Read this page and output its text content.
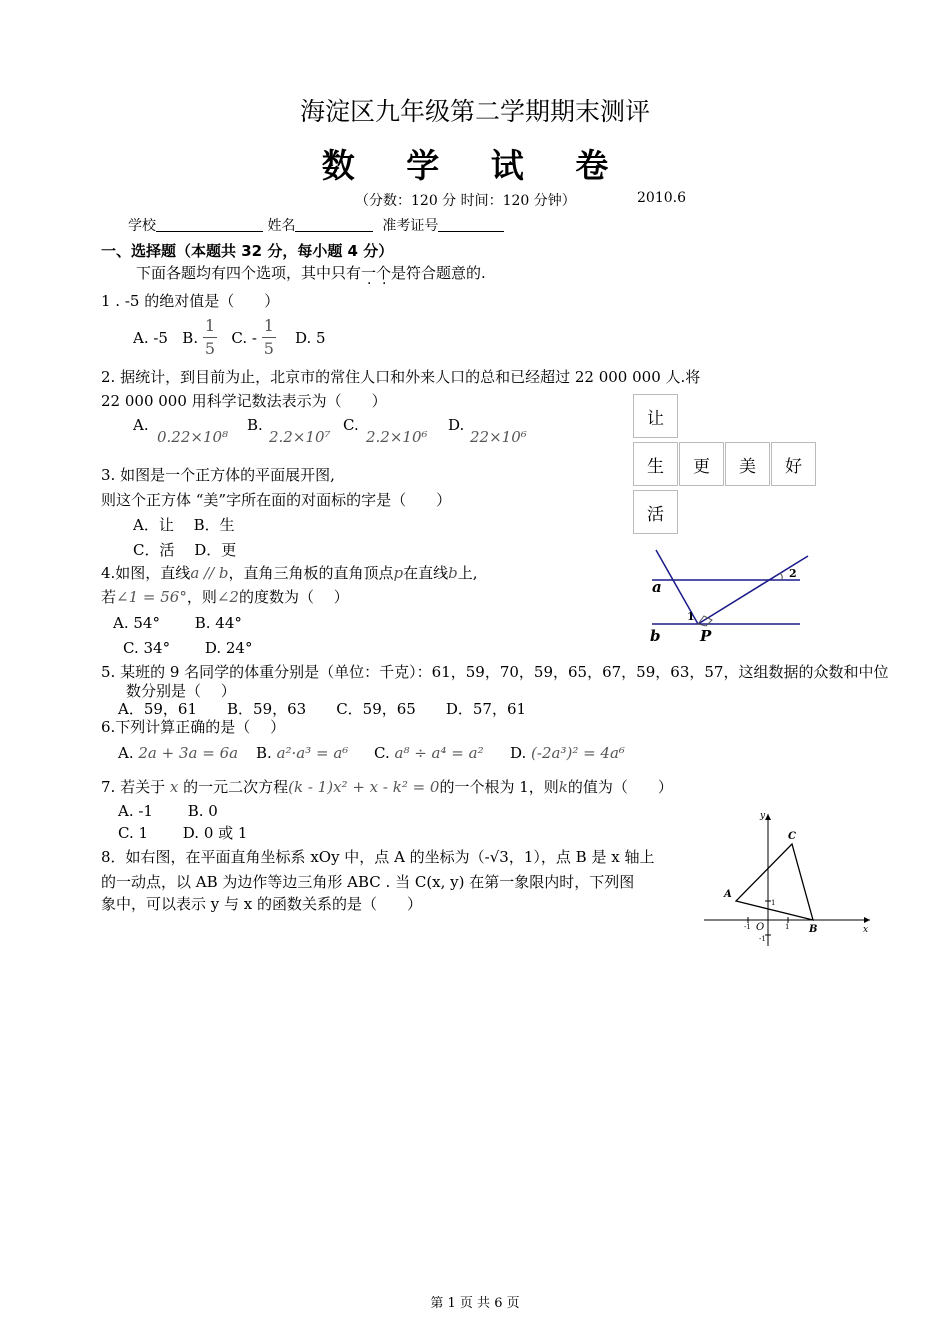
海淀区九年级第二学期期末测评
数 学 试 卷
（分数：120 分 时间：120 分钟）	2010.6
学校	姓名	准考证号
一、选择题（本题共 32 分，每小题 4 分）
下面各题均有四个选项，其中只有一个是符合题意的.
1 . -5 的绝对值是（　　）
A. -5 B. $\frac{1}{5} C$. - $\frac{1}{5} D$. 5
2. 据统计，到目前为止，北京市的常住人口和外来人口的总和已经超过 22 000 000 人.将
22 000 000 用科学记数法表示为（　　）
A.
0.22×10⁸
B.
2.2×10⁷
C.
2.2×10⁶
D.
22×10⁶
3. 如图是一个正方体的平面展开图,
则这个正方体 “美”字所在面的对面标的字是（　　）
A．让　 B．生
C．活　 D．更
让
生	更	美	好
活
4.如图，直线a // b，直角三角板的直角顶点p在直线b上,
若∠1 = 56°，则∠2的度数为（　 ）
A. 54°　　 B. 44°
C. 34°　　 D. 24°
a
b	P
1
2
5. 某班的 9 名同学的体重分别是（单位：千克）：61，59，70，59，65，67，59，63，57，这组数据的众数和中位
数分别是（　 ）
A．59，61　　B．59，63　　C．59，65　　D．57，61
6.下列计算正确的是（　 ）
A. 2a + 3a = 6a B. a²·a³ = a⁶ C. a⁸ ÷ a⁴ = a² D. (-2a³)² = 4a⁶
7. 若关于 x 的一元二次方程(k - 1)x² + x - k² = 0的一个根为 1，则k的值为（　　）
A. -1　　 B. 0
C. 1　　 D. 0 或 1
8．如右图，在平面直角坐标系 xOy 中，点 A 的坐标为（-√3，1），点 B 是 x 轴上
的一动点，以 AB 为边作等边三角形 ABC . 当 C(x, y) 在第一象限内时，下列图
象中，可以表示 y 与 x 的函数关系的是（　　）
y
x
O
A
B
C
1
-1
-1
1
第 1 页 共 6 页
